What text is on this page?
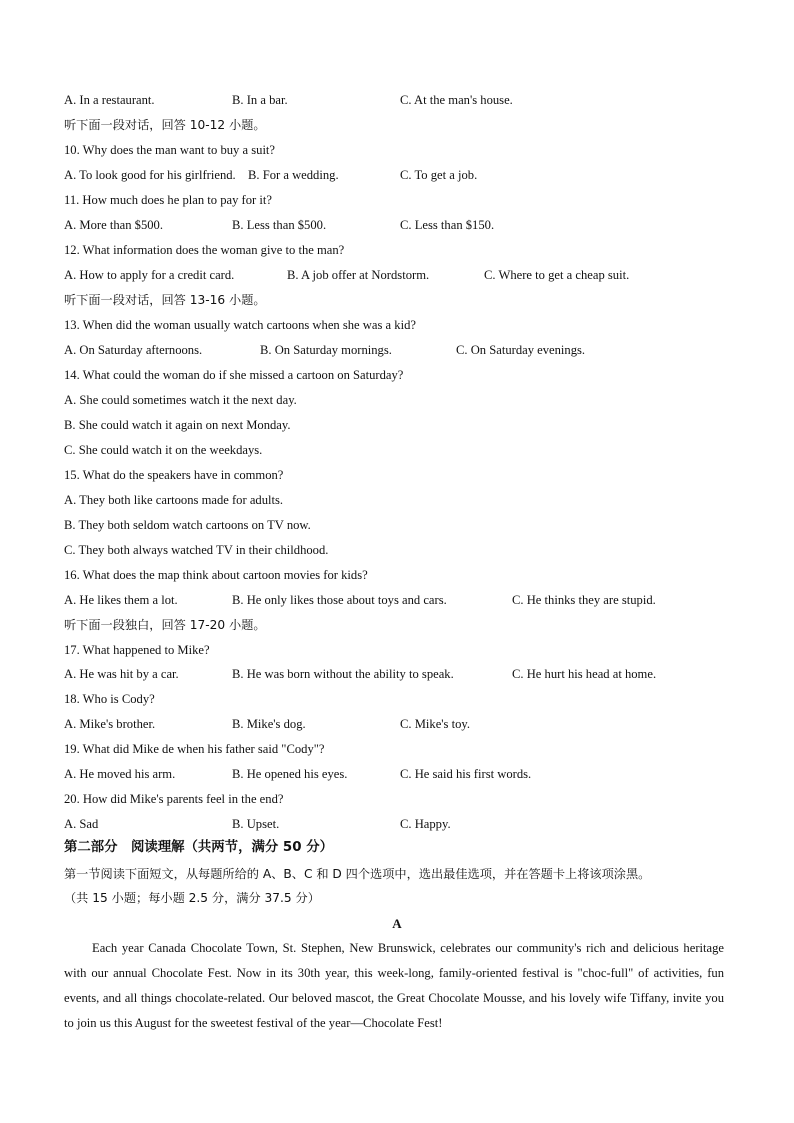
A. In a restaurant.	B. In a bar.	C. At the man's house.
听下面一段对话，回答 10-12 小题。
10. Why does the man want to buy a suit?
A. To look good for his girlfriend. B. For a wedding.	C. To get a job.
11. How much does he plan to pay for it?
A. More than $500.	B. Less than $500.	C. Less than $150.
12. What information does the woman give to the man?
A. How to apply for a credit card.	B. A job offer at Nordstorm.	C. Where to get a cheap suit.
听下面一段对话，回答 13-16 小题。
13. When did the woman usually watch cartoons when she was a kid?
A. On Saturday afternoons.	B. On Saturday mornings.	C. On Saturday evenings.
14. What could the woman do if she missed a cartoon on Saturday?
A. She could sometimes watch it the next day.
B. She could watch it again on next Monday.
C. She could watch it on the weekdays.
15. What do the speakers have in common?
A. They both like cartoons made for adults.
B. They both seldom watch cartoons on TV now.
C. They both always watched TV in their childhood.
16. What does the map think about cartoon movies for kids?
A. He likes them a lot.	B. He only likes those about toys and cars.	C. He thinks they are stupid.
听下面一段独白，回答 17-20 小题。
17. What happened to Mike?
A. He was hit by a car.	B. He was born without the ability to speak.	C. He hurt his head at home.
18. Who is Cody?
A. Mike's brother.	B. Mike's dog.	C. Mike's toy.
19. What did Mike de when his father said "Cody"?
A. He moved his arm.	B. He opened his eyes.	C. He said his first words.
20. How did Mike's parents feel in the end?
A. Sad	B. Upset.	C. Happy.
第二部分　阅读理解（共两节，满分 50 分）
第一节阅读下面短文，从每题所给的 A、B、C 和 D 四个选项中，选出最佳选项，并在答题卡上将该项涂黑。
（共 15 小题；每小题 2.5 分，满分 37.5 分）
A
Each year Canada Chocolate Town, St. Stephen, New Brunswick, celebrates our community's rich and delicious heritage with our annual Chocolate Fest. Now in its 30th year, this week-long, family-oriented festival is "choc-full" of activities, fun events, and all things chocolate-related. Our beloved mascot, the Great Chocolate Mousse, and his lovely wife Tiffany, invite you to join us this August for the sweetest festival of the year—Chocolate Fest!
